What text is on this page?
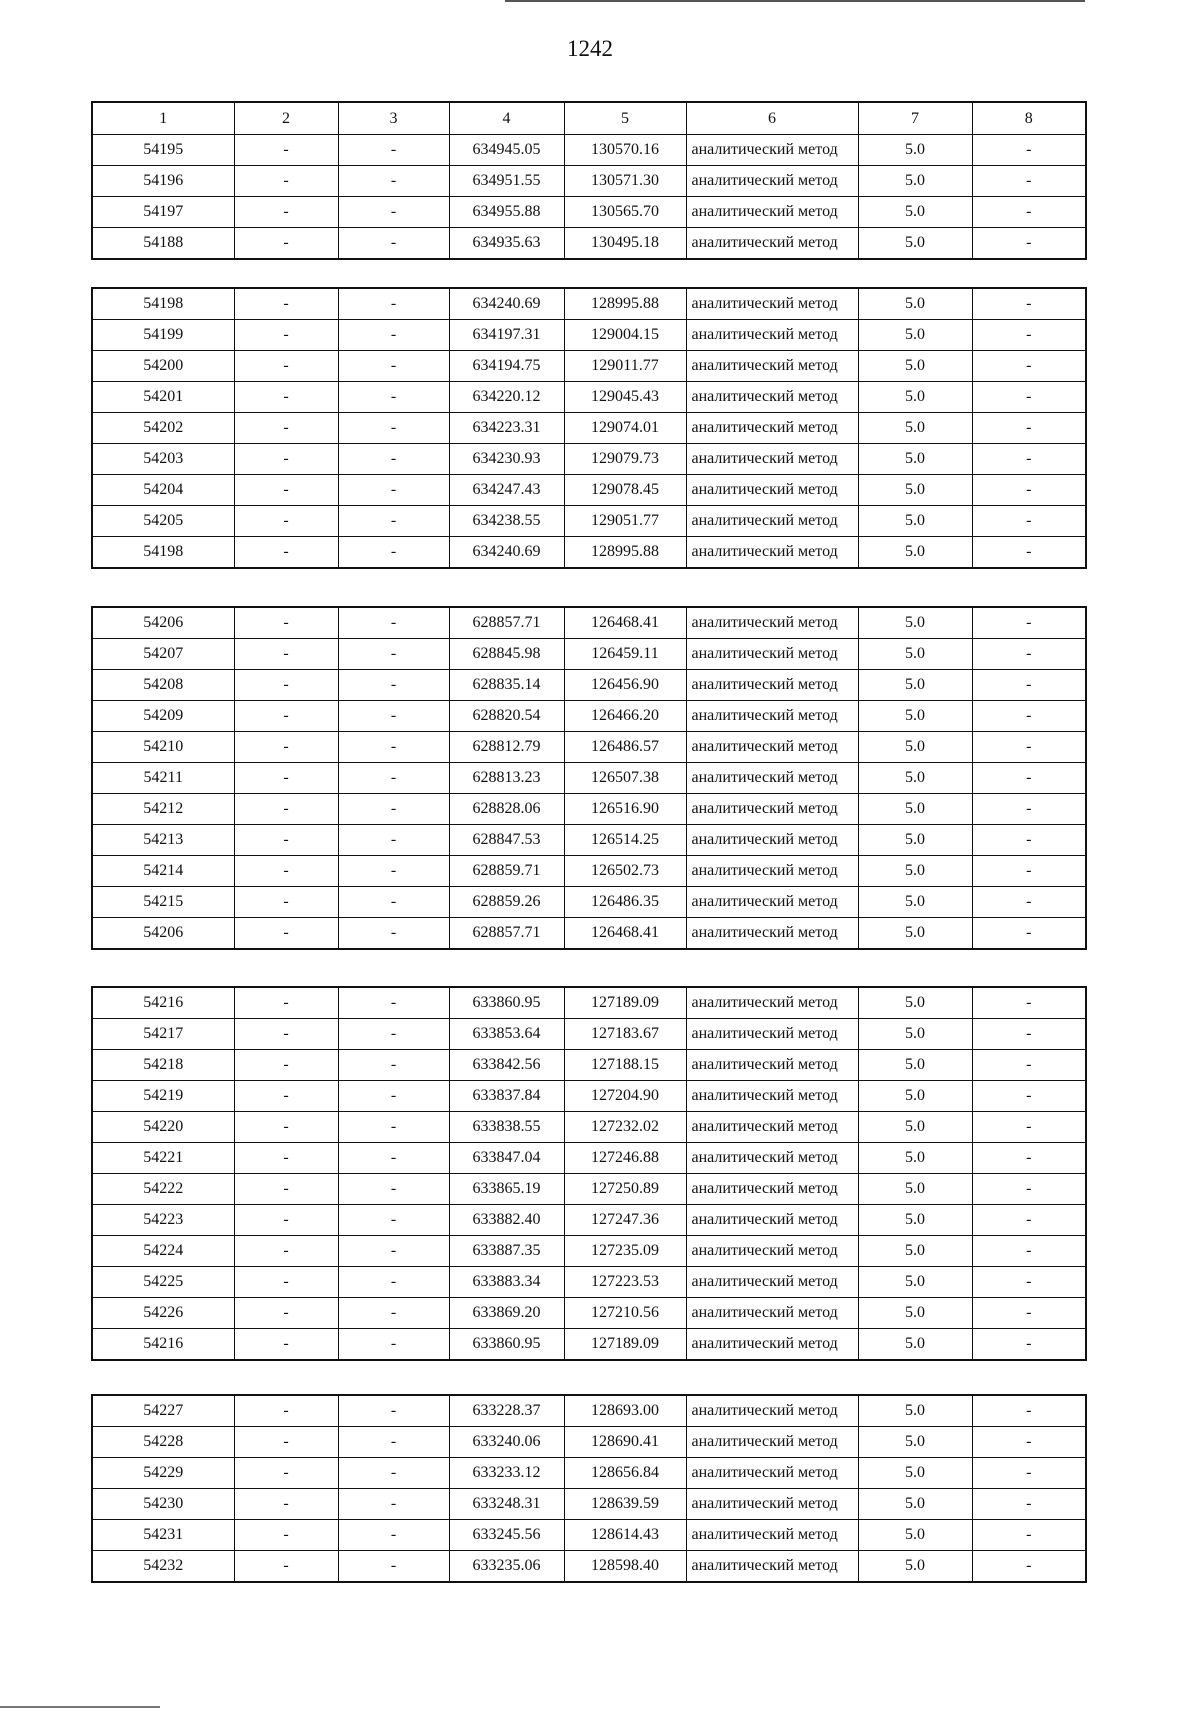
1242
1	2	3	4	5	6	7	8
54195	-	-	634945.05	130570.16	аналитический метод	5.0	-
54196	-	-	634951.55	130571.30	аналитический метод	5.0	-
54197	-	-	634955.88	130565.70	аналитический метод	5.0	-
54188	-	-	634935.63	130495.18	аналитический метод	5.0	-
54198	-	-	634240.69	128995.88	аналитический метод	5.0	-
54199	-	-	634197.31	129004.15	аналитический метод	5.0	-
54200	-	-	634194.75	129011.77	аналитический метод	5.0	-
54201	-	-	634220.12	129045.43	аналитический метод	5.0	-
54202	-	-	634223.31	129074.01	аналитический метод	5.0	-
54203	-	-	634230.93	129079.73	аналитический метод	5.0	-
54204	-	-	634247.43	129078.45	аналитический метод	5.0	-
54205	-	-	634238.55	129051.77	аналитический метод	5.0	-
54198	-	-	634240.69	128995.88	аналитический метод	5.0	-
54206	-	-	628857.71	126468.41	аналитический метод	5.0	-
54207	-	-	628845.98	126459.11	аналитический метод	5.0	-
54208	-	-	628835.14	126456.90	аналитический метод	5.0	-
54209	-	-	628820.54	126466.20	аналитический метод	5.0	-
54210	-	-	628812.79	126486.57	аналитический метод	5.0	-
54211	-	-	628813.23	126507.38	аналитический метод	5.0	-
54212	-	-	628828.06	126516.90	аналитический метод	5.0	-
54213	-	-	628847.53	126514.25	аналитический метод	5.0	-
54214	-	-	628859.71	126502.73	аналитический метод	5.0	-
54215	-	-	628859.26	126486.35	аналитический метод	5.0	-
54206	-	-	628857.71	126468.41	аналитический метод	5.0	-
54216	-	-	633860.95	127189.09	аналитический метод	5.0	-
54217	-	-	633853.64	127183.67	аналитический метод	5.0	-
54218	-	-	633842.56	127188.15	аналитический метод	5.0	-
54219	-	-	633837.84	127204.90	аналитический метод	5.0	-
54220	-	-	633838.55	127232.02	аналитический метод	5.0	-
54221	-	-	633847.04	127246.88	аналитический метод	5.0	-
54222	-	-	633865.19	127250.89	аналитический метод	5.0	-
54223	-	-	633882.40	127247.36	аналитический метод	5.0	-
54224	-	-	633887.35	127235.09	аналитический метод	5.0	-
54225	-	-	633883.34	127223.53	аналитический метод	5.0	-
54226	-	-	633869.20	127210.56	аналитический метод	5.0	-
54216	-	-	633860.95	127189.09	аналитический метод	5.0	-
54227	-	-	633228.37	128693.00	аналитический метод	5.0	-
54228	-	-	633240.06	128690.41	аналитический метод	5.0	-
54229	-	-	633233.12	128656.84	аналитический метод	5.0	-
54230	-	-	633248.31	128639.59	аналитический метод	5.0	-
54231	-	-	633245.56	128614.43	аналитический метод	5.0	-
54232	-	-	633235.06	128598.40	аналитический метод	5.0	-
